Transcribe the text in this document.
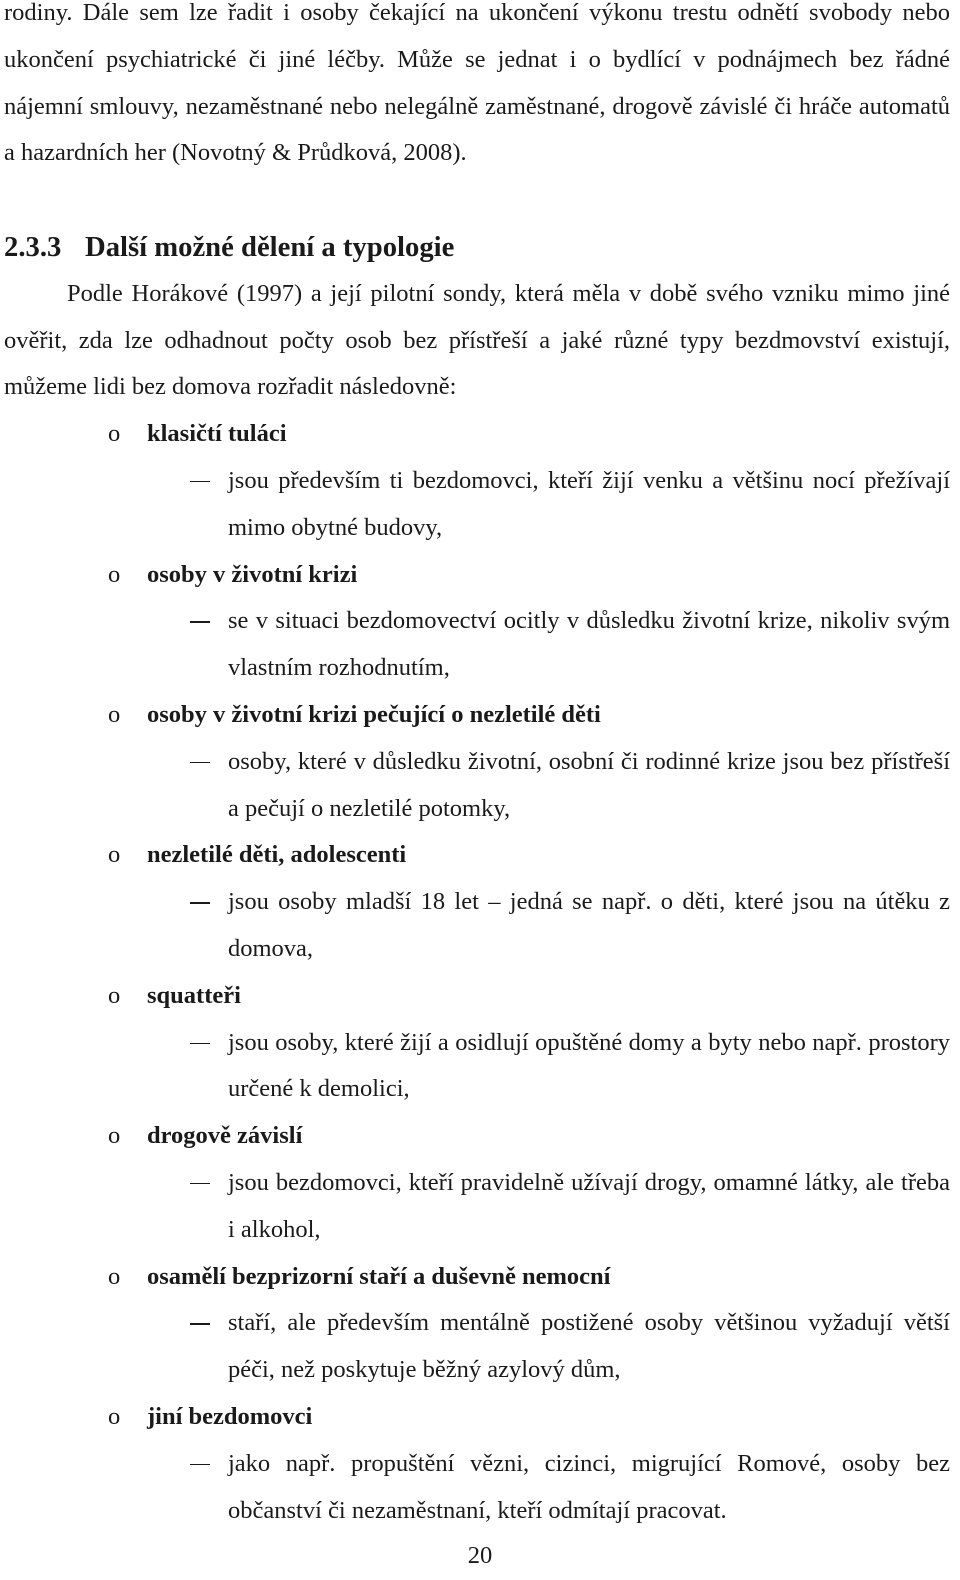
rodiny. Dále sem lze řadit i osoby čekající na ukončení výkonu trestu odnětí svobody nebo ukončení psychiatrické či jiné léčby. Může se jednat i o bydlící v podnájmech bez řádné nájemní smlouvy, nezaměstnané nebo nelegálně zaměstnané, drogově závislé či hráče automatů a hazardních her (Novotný & Průdková, 2008).

2.3.3 Další možné dělení a typologie

Podle Horákové (1997) a její pilotní sondy, která měla v době svého vzniku mimo jiné ověřit, zda lze odhadnout počty osob bez přístřeší a jaké různé typy bezdmovství existují, můžeme lidi bez domova rozřadit následovně:

o klasičtí tuláci
jsou především ti bezdomovci, kteří žijí venku a většinu nocí přežívají mimo obytné budovy,
o osoby v životní krizi
se v situaci bezdomovectví ocitly v důsledku životní krize, nikoliv svým vlastním rozhodnutím,
o osoby v životní krizi pečující o nezletilé děti
osoby, které v důsledku životní, osobní či rodinné krize jsou bez přístřeší a pečují o nezletilé potomky,
o nezletilé děti, adolescenti
jsou osoby mladší 18 let – jedná se např. o děti, které jsou na útěku z domova,
o squatteři
jsou osoby, které žijí a osidlují opuštěné domy a byty nebo např. prostory určené k demolici,
o drogově závislí
jsou bezdomovci, kteří pravidelně užívají drogy, omamné látky, ale třeba i alkohol,
o osamělí bezprizorní staří a duševně nemocní
staří, ale především mentálně postižené osoby většinou vyžadují větší péči, než poskytuje běžný azylový dům,
o jiní bezdomovci
jako např. propuštění vězni, cizinci, migrující Romové, osoby bez občanství či nezaměstnaní, kteří odmítají pracovat.
20
